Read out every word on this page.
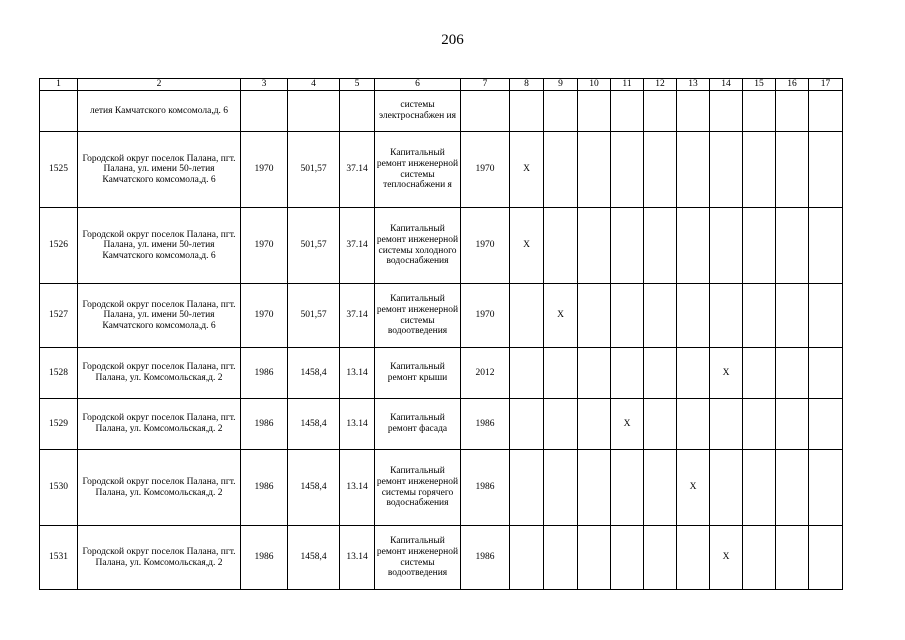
206
1	2	3	4	5	6	7	8	9	10	11	12	13	14	15	16	17
	летия Камчатского комсомола,д. 6				системы электроснабжен ия											
1525	Городской округ поселок Палана, пгт. Палана, ул. имени 50-летия Камчатского комсомола,д. 6	1970	501,57	37.14	Капитальный ремонт инженерной системы теплоснабжени я	1970	X									
1526	Городской округ поселок Палана, пгт. Палана, ул. имени 50-летия Камчатского комсомола,д. 6	1970	501,57	37.14	Капитальный ремонт инженерной системы холодного водоснабжения	1970	X									
1527	Городской округ поселок Палана, пгт. Палана, ул. имени 50-летия Камчатского комсомола,д. 6	1970	501,57	37.14	Капитальный ремонт инженерной системы водоотведения	1970		X								
1528	Городской округ поселок Палана, пгт. Палана, ул. Комсомольская,д. 2	1986	1458,4	13.14	Капитальный ремонт крыши	2012							X			
1529	Городской округ поселок Палана, пгт. Палана, ул. Комсомольская,д. 2	1986	1458,4	13.14	Капитальный ремонт фасада	1986				X						
1530	Городской округ поселок Палана, пгт. Палана, ул. Комсомольская,д. 2	1986	1458,4	13.14	Капитальный ремонт инженерной системы горячего водоснабжения	1986						X				
1531	Городской округ поселок Палана, пгт. Палана, ул. Комсомольская,д. 2	1986	1458,4	13.14	Капитальный ремонт инженерной системы водоотведения	1986							X			
